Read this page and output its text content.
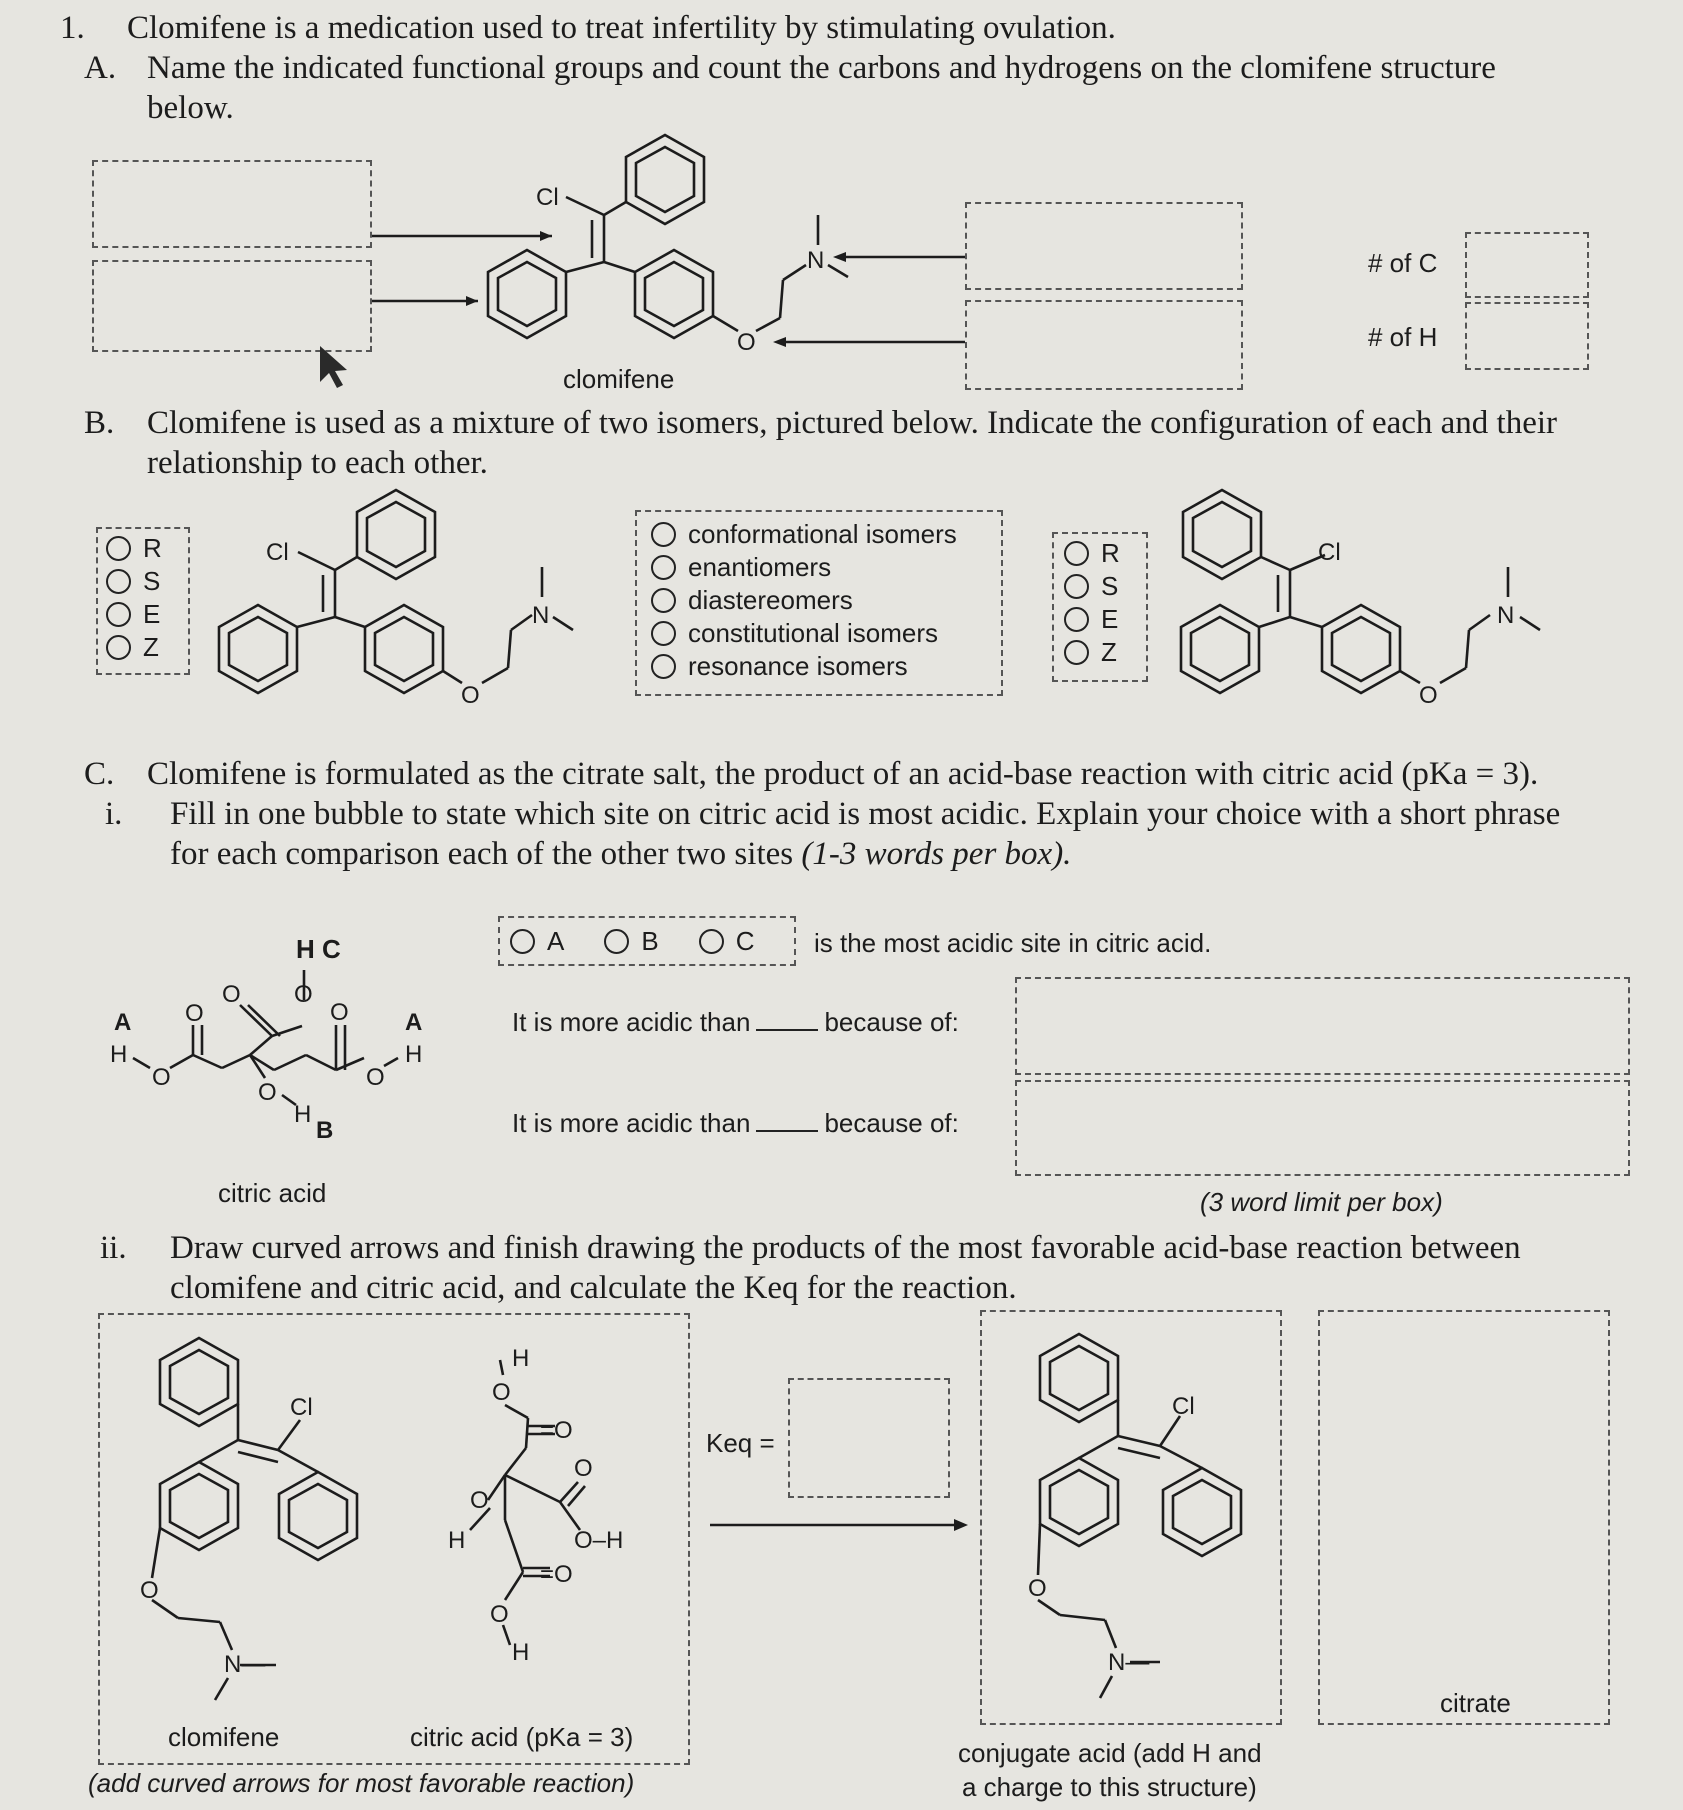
1. Clomifene is a medication used to treat infertility by stimulating ovulation.
A. Name the indicated functional groups and count the carbons and hydrogens on the clomifene structure below.
# of C
# of H
Cl
N
O
clomifene
B. Clomifene is used as a mixture of two isomers, pictured below. Indicate the configuration of each and their relationship to each other.
R
S
E
Z
conformational isomers
enantiomers
diastereomers
constitutional isomers
resonance isomers
R
S
E
Z
Cl
N
O
Cl
N
O
C. Clomifene is formulated as the citrate salt, the product of an acid-base reaction with citric acid (pKa = 3).
i. Fill in one bubble to state which site on citric acid is most acidic. Explain your choice with a short phrase for each comparison each of the other two sites (1-3 words per box).
A	B	C is the most acidic site in citric acid.
It is more acidic than	because of:
It is more acidic than	because of:
(3 word limit per box)
A
H
O
O
O O
H C
O A
H
O
O
H
B
citric acid
ii. Draw curved arrows and finish drawing the products of the most favorable acid-base reaction between clomifene and citric acid, and calculate the Keq for the reaction.
Keq =
Cl
O
N—
H
O
=O
O
O
H	O–H
=O
O
H
Cl
O
N—
clomifene	citric acid (pKa = 3)
(add curved arrows for most favorable reaction)
conjugate acid (add H and
a charge to this structure)
citrate
